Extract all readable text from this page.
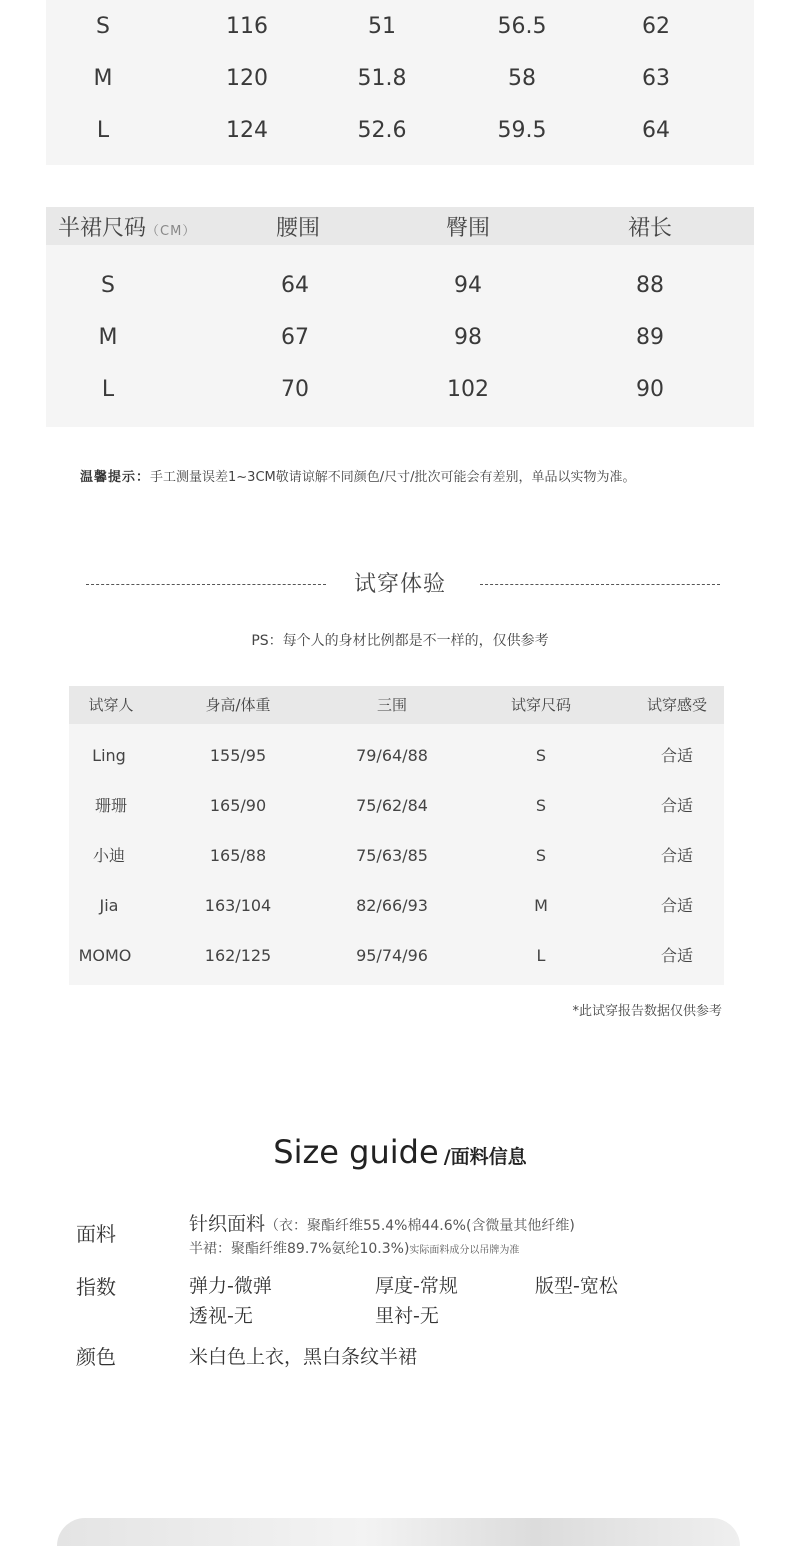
S	116	51	56.5	62
M	120	51.8	58	63
L	124	52.6	59.5	64
半裙尺码（CM）	腰围	臀围	裙长
S	64	94	88
M	67	98	89
L	70	102	90
温馨提示：手工测量误差1~3CM敬请谅解不同颜色/尺寸/批次可能会有差别，单品以实物为准。
试穿体验
PS：每个人的身材比例都是不一样的，仅供参考
试穿人	身高/体重	三围	试穿尺码	试穿感受
Ling	155/95	79/64/88	S	合适
珊珊	165/90	75/62/84	S	合适
小迪	165/88	75/63/85	S	合适
Jia	163/104	82/66/93	M	合适
MOMO	162/125	95/74/96	L	合适
*此试穿报告数据仅供参考
Size guide /面料信息
面料	针织面料（衣：聚酯纤维55.4%棉44.6%(含微量其他纤维)
半裙：聚酯纤维89.7%氨纶10.3%)实际面料成分以吊牌为准
指数	弹力-微弹	厚度-常规	版型-宽松
透视-无	里衬-无
颜色	米白色上衣，黑白条纹半裙
